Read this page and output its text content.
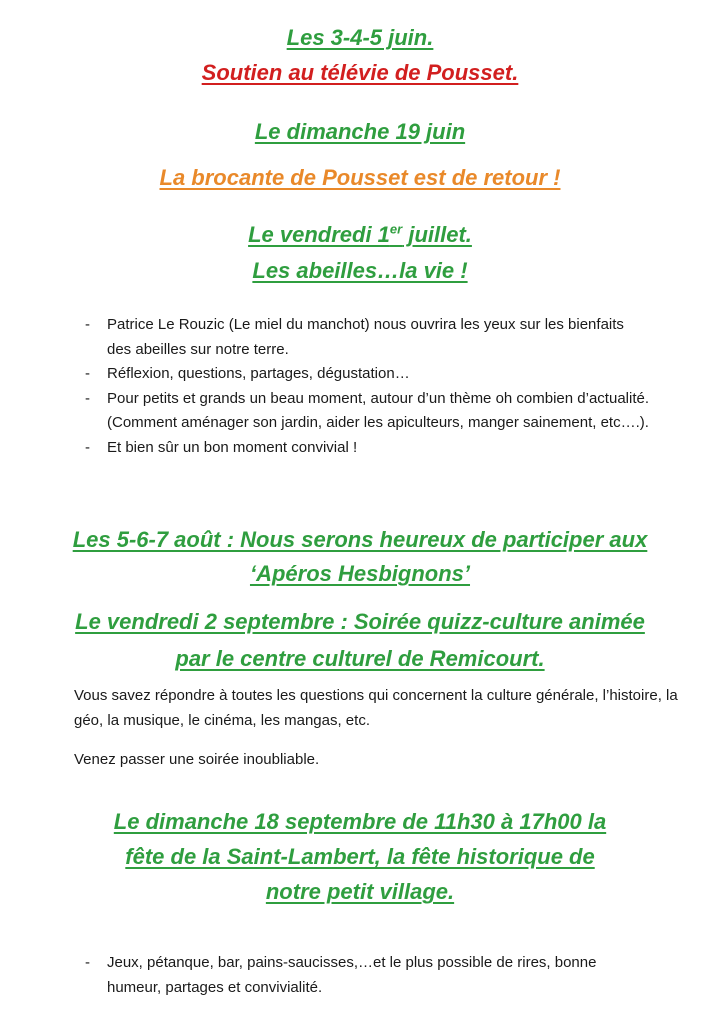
Les 3-4-5 juin.
Soutien au télévie de Pousset.
Le dimanche 19 juin
La brocante de Pousset est de retour !
Le vendredi 1er juillet.
Les abeilles…la vie !
- Patrice Le Rouzic (Le miel du manchot) nous ouvrira les yeux sur les bienfaits des abeilles sur notre terre.
- Réflexion, questions, partages, dégustation…
- Pour petits et grands un beau moment, autour d’un thème oh combien d’actualité. (Comment aménager son jardin, aider les apiculteurs, manger sainement, etc….).
- Et bien sûr un bon moment convivial !
Les 5-6-7 août : Nous serons heureux de participer aux
‘Apéros Hesbignons’
Le vendredi 2 septembre : Soirée quizz-culture animée
par le centre culturel de Remicourt.
Vous savez répondre à toutes les questions qui concernent la culture générale, l’histoire, la géo, la musique, le cinéma, les mangas, etc.
Venez passer une soirée inoubliable.
Le dimanche 18 septembre de 11h30 à 17h00 la
fête de la Saint-Lambert, la fête historique de
notre petit village.
- Jeux, pétanque, bar, pains-saucisses,…et le plus possible de rires, bonne humeur, partages et convivialité.
